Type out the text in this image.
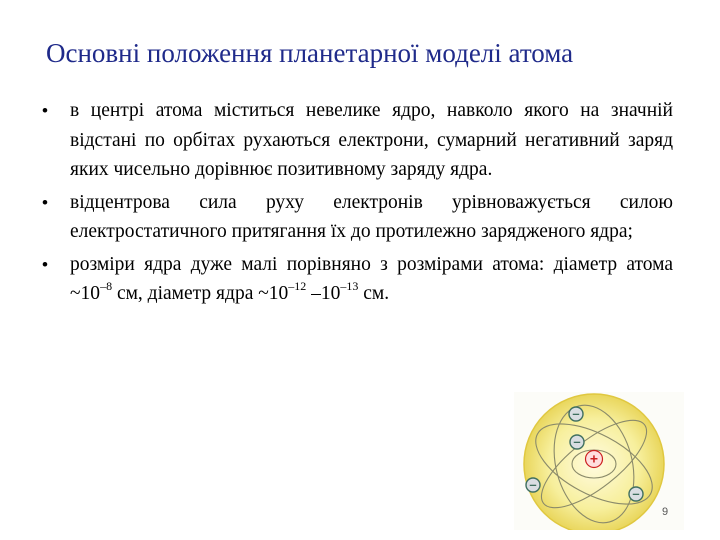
Основні положення планетарної моделі атома
• в центрі атома міститься невелике ядро, навколо якого на значній відстані по орбітах рухаються електрони, сумарний негативний заряд яких чисельно дорівнює позитивному заряду ядра.
• відцентрова сила руху електронів урівноважується силою електростатичного притягання їх до протилежно зарядженого ядра;
• розміри ядра дуже малі порівняно з розмірами атома: діаметр атома $\sim 10^{-8}$ см, діаметр ядра $\sim 10^{-12}$ $-10^{-13}$ см.
+
–
–
–
–
9
